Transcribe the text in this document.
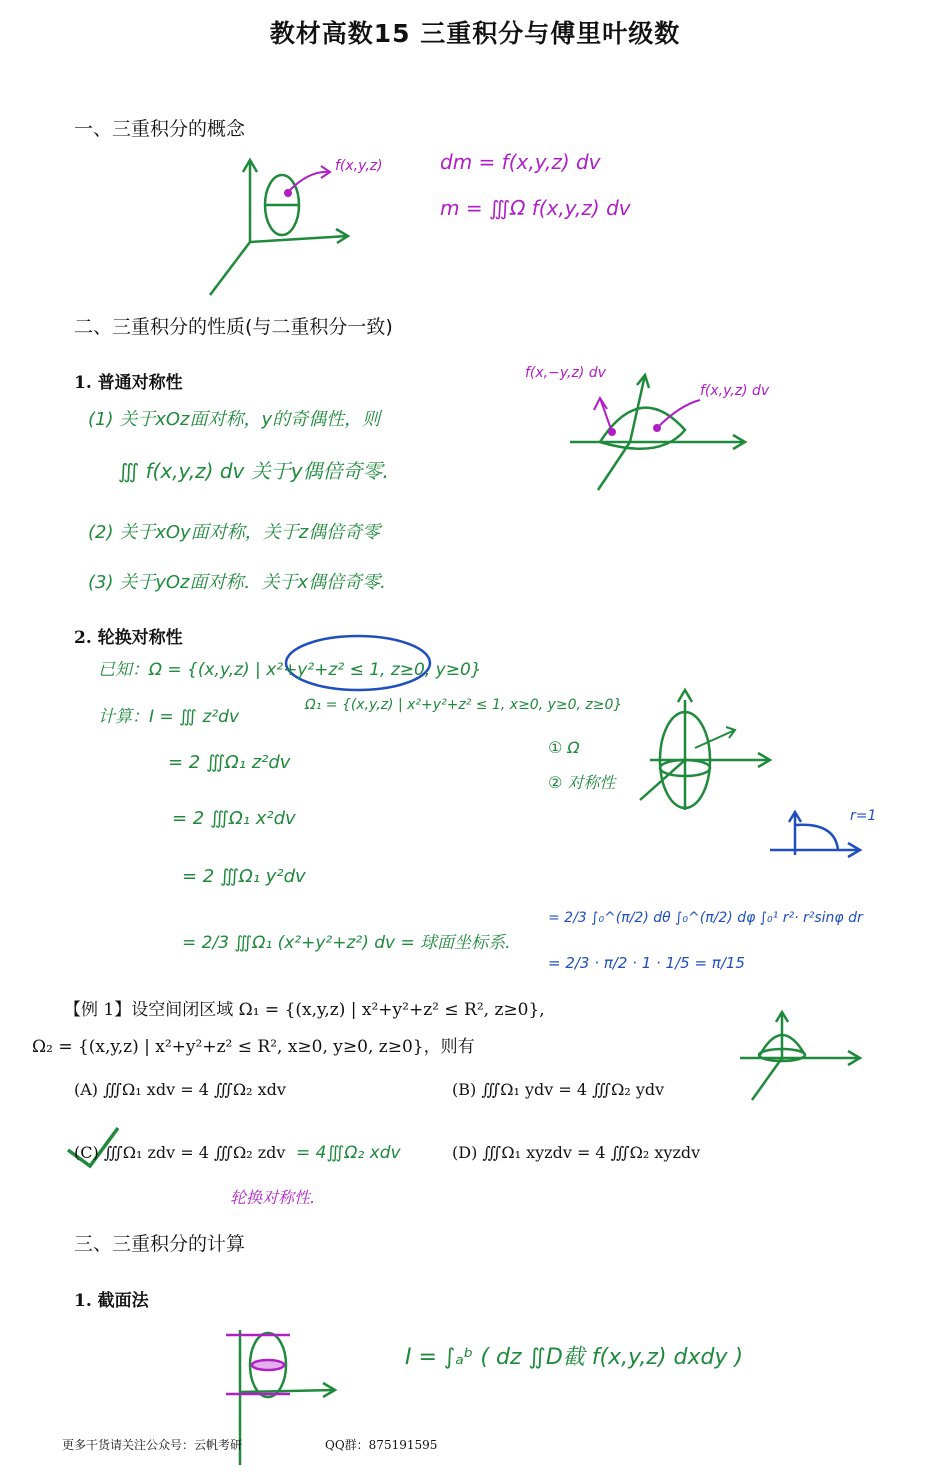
教材高数15 三重积分与傅里叶级数
一、三重积分的概念
二、三重积分的性质(与二重积分一致)
三、三重积分的计算
1. 普通对称性
2. 轮换对称性
1. 截面法
f(x,y,z)	dm = f(x,y,z) dv
m = ∭Ω f(x,y,z) dv
(1) 关于xOz面对称，y的奇偶性，则
∭ f(x,y,z) dv 关于y偶倍奇零.
(2) 关于xOy面对称，关于z偶倍奇零
(3) 关于yOz面对称．关于x偶倍奇零.
f(x,−y,z) dv
f(x,y,z) dv
已知：Ω = {(x,y,z) | x²+y²+z² ≤ 1, z≥0, y≥0}
计算：I = ∭ z²dv
Ω₁ = {(x,y,z) | x²+y²+z² ≤ 1, x≥0, y≥0, z≥0}
= 2 ∭Ω₁ z²dv
= 2 ∭Ω₁ x²dv
= 2 ∭Ω₁ y²dv
= 2/3 ∭Ω₁ (x²+y²+z²) dv = 球面坐标系.
= 2/3 ∫₀^(π/2) dθ ∫₀^(π/2) dφ ∫₀¹ r²· r²sinφ dr
= 2/3 · π/2 · 1 · 1/5 = π/15
① Ω
② 对称性
r=1
【例 1】设空间闭区域 Ω₁ = {(x,y,z) | x²+y²+z² ≤ R², z≥0},
Ω₂ = {(x,y,z) | x²+y²+z² ≤ R², x≥0, y≥0, z≥0}，则有
(A) ∭Ω₁ xdv = 4 ∭Ω₂ xdv	(B) ∭Ω₁ ydv = 4 ∭Ω₂ ydv
(C) ∭Ω₁ zdv = 4 ∭Ω₂ zdv	(D) ∭Ω₁ xyzdv = 4 ∭Ω₂ xyzdv
= 4∭Ω₂ xdv
轮换对称性.
I = ∫ₐᵇ ( dz ∬D截 f(x,y,z) dxdy )
更多干货请关注公众号：云帆考研	QQ群：875191595
